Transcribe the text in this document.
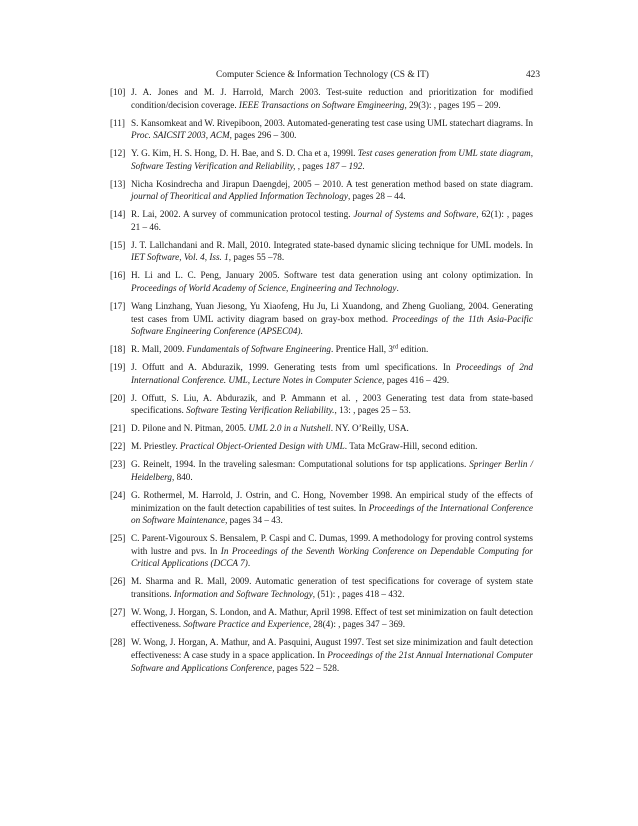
Computer Science & Information Technology (CS & IT)	423
[10] J. A. Jones and M. J. Harrold, March 2003. Test-suite reduction and prioritization for modified condition/decision coverage. IEEE Transactions on Software Emgineering, 29(3): , pages 195 – 209.
[11] S. Kansomkeat and W. Rivepiboon, 2003. Automated-generating test case using UML statechart diagrams. In Proc. SAICSIT 2003, ACM, pages 296 – 300.
[12] Y. G. Kim, H. S. Hong, D. H. Bae, and S. D. Cha et a, 1999l. Test cases generation from UML state diagram, Software Testing Verification and Reliability, , pages 187 – 192.
[13] Nicha Kosindrecha and Jirapun Daengdej, 2005 – 2010. A test generation method based on state diagram. journal of Theoritical and Applied Information Technology, pages 28 – 44.
[14] R. Lai, 2002. A survey of communication protocol testing. Journal of Systems and Software, 62(1): , pages 21 – 46.
[15] J. T. Lallchandani and R. Mall, 2010. Integrated state-based dynamic slicing technique for UML models. In IET Software, Vol. 4, Iss. 1, pages 55 –78.
[16] H. Li and L. C. Peng, January 2005. Software test data generation using ant colony optimization. In Proceedings of World Academy of Science, Engineering and Technology.
[17] Wang Linzhang, Yuan Jiesong, Yu Xiaofeng, Hu Ju, Li Xuandong, and Zheng Guoliang, 2004. Generating test cases from UML activity diagram based on gray-box method. Proceedings of the 11th Asia-Pacific Software Engineering Conference (APSEC04).
[18] R. Mall, 2009. Fundamentals of Software Engineering. Prentice Hall, 3rd edition.
[19] J. Offutt and A. Abdurazik, 1999. Generating tests from uml specifications. In Proceedings of 2nd International Conference. UML, Lecture Notes in Computer Science, pages 416 – 429.
[20] J. Offutt, S. Liu, A. Abdurazik, and P. Ammann et al. , 2003 Generating test data from state-based specifications. Software Testing Verification Reliability., 13: , pages 25 – 53.
[21] D. Pilone and N. Pitman, 2005. UML 2.0 in a Nutshell. NY. O’Reilly, USA.
[22] M. Priestley. Practical Object-Oriented Design with UML. Tata McGraw-Hill, second edition.
[23] G. Reinelt, 1994. In the traveling salesman: Computational solutions for tsp applications. Springer Berlin / Heidelberg, 840.
[24] G. Rothermel, M. Harrold, J. Ostrin, and C. Hong, November 1998. An empirical study of the effects of minimization on the fault detection capabilities of test suites. In Proceedings of the International Conference on Software Maintenance, pages 34 – 43.
[25] C. Parent-Vigouroux S. Bensalem, P. Caspi and C. Dumas, 1999. A methodology for proving control systems with lustre and pvs. In In Proceedings of the Seventh Working Conference on Dependable Computing for Critical Applications (DCCA 7).
[26] M. Sharma and R. Mall, 2009. Automatic generation of test specifications for coverage of system state transitions. Information and Software Technology, (51): , pages 418 – 432.
[27] W. Wong, J. Horgan, S. London, and A. Mathur, April 1998. Effect of test set minimization on fault detection effectiveness. Software Practice and Experience, 28(4): , pages 347 – 369.
[28] W. Wong, J. Horgan, A. Mathur, and A. Pasquini, August 1997. Test set size minimization and fault detection effectiveness: A case study in a space application. In Proceedings of the 21st Annual International Computer Software and Applications Conference, pages 522 – 528.
